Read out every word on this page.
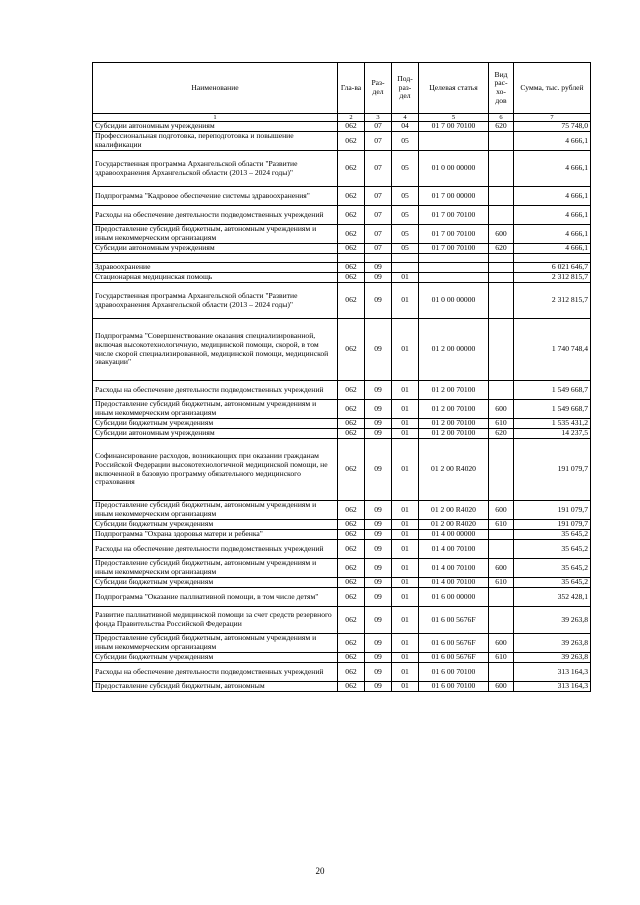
Наименование	Гла-ва	Раз-дел	Под-раз-дел	Целевая статья	Вид рас-хо-дов	Сумма, тыс. рублей
1	2	3	4	5	6	7
Субсидии автономным учреждениям	062	07	04	01 7 00 70100	620	75 748,0
Профессиональная подготовка, переподготовка и повышение квалификации	062	07	05			4 666,1
Государственная программа Архангельской области "Развитие здравоохранения Архангельской области (2013 – 2024 годы)"	062	07	05	01 0 00 00000		4 666,1
Подпрограмма "Кадровое обеспечение системы здравоохранения"	062	07	05	01 7 00 00000		4 666,1
Расходы на обеспечение деятельности подведомственных учреждений	062	07	05	01 7 00 70100		4 666,1
Предоставление субсидий бюджетным, автономным учреждениям и иным некоммерческим организациям	062	07	05	01 7 00 70100	600	4 666,1
Субсидии автономным учреждениям	062	07	05	01 7 00 70100	620	4 666,1

Здравоохранение	062	09				6 021 646,7
Стационарная медицинская помощь	062	09	01			2 312 815,7
Государственная программа Архангельской области "Развитие здравоохранения Архангельской области (2013 – 2024 годы)"	062	09	01	01 0 00 00000		2 312 815,7
Подпрограмма "Совершенствование оказания специализированной, включая высокотехнологичную, медицинской помощи, скорой, в том числе скорой специализированной, медицинской помощи, медицинской эвакуации"	062	09	01	01 2 00 00000		1 740 748,4
Расходы на обеспечение деятельности подведомственных учреждений	062	09	01	01 2 00 70100		1 549 668,7
Предоставление субсидий бюджетным, автономным учреждениям и иным некоммерческим организациям	062	09	01	01 2 00 70100	600	1 549 668,7
Субсидии бюджетным учреждениям	062	09	01	01 2 00 70100	610	1 535 431,2
Субсидии автономным учреждениям	062	09	01	01 2 00 70100	620	14 237,5
Софинансирование расходов, возникающих при оказании гражданам Российской Федерации высокотехнологичной медицинской помощи, не включенной в базовую программу обязательного медицинского страхования	062	09	01	01 2 00 R4020		191 079,7
Предоставление субсидий бюджетным, автономным учреждениям и иным некоммерческим организациям	062	09	01	01 2 00 R4020	600	191 079,7
Субсидии бюджетным учреждениям	062	09	01	01 2 00 R4020	610	191 079,7
Подпрограмма "Охрана здоровья матери и ребенка"	062	09	01	01 4 00 00000		35 645,2
Расходы на обеспечение деятельности подведомственных учреждений	062	09	01	01 4 00 70100		35 645,2
Предоставление субсидий бюджетным, автономным учреждениям и иным некоммерческим организациям	062	09	01	01 4 00 70100	600	35 645,2
Субсидии бюджетным учреждениям	062	09	01	01 4 00 70100	610	35 645,2
Подпрограмма "Оказание паллиативной помощи, в том числе детям"	062	09	01	01 6 00 00000		352 428,1
Развитие паллиативной медицинской помощи за счет средств резервного фонда Правительства Российской Федерации	062	09	01	01 6 00 5676F		39 263,8
Предоставление субсидий бюджетным, автономным учреждениям и иным некоммерческим организациям	062	09	01	01 6 00 5676F	600	39 263,8
Субсидии бюджетным учреждениям	062	09	01	01 6 00 5676F	610	39 263,8
Расходы на обеспечение деятельности подведомственных учреждений	062	09	01	01 6 00 70100		313 164,3
Предоставление субсидий бюджетным, автономным	062	09	01	01 6 00 70100	600	313 164,3
20
